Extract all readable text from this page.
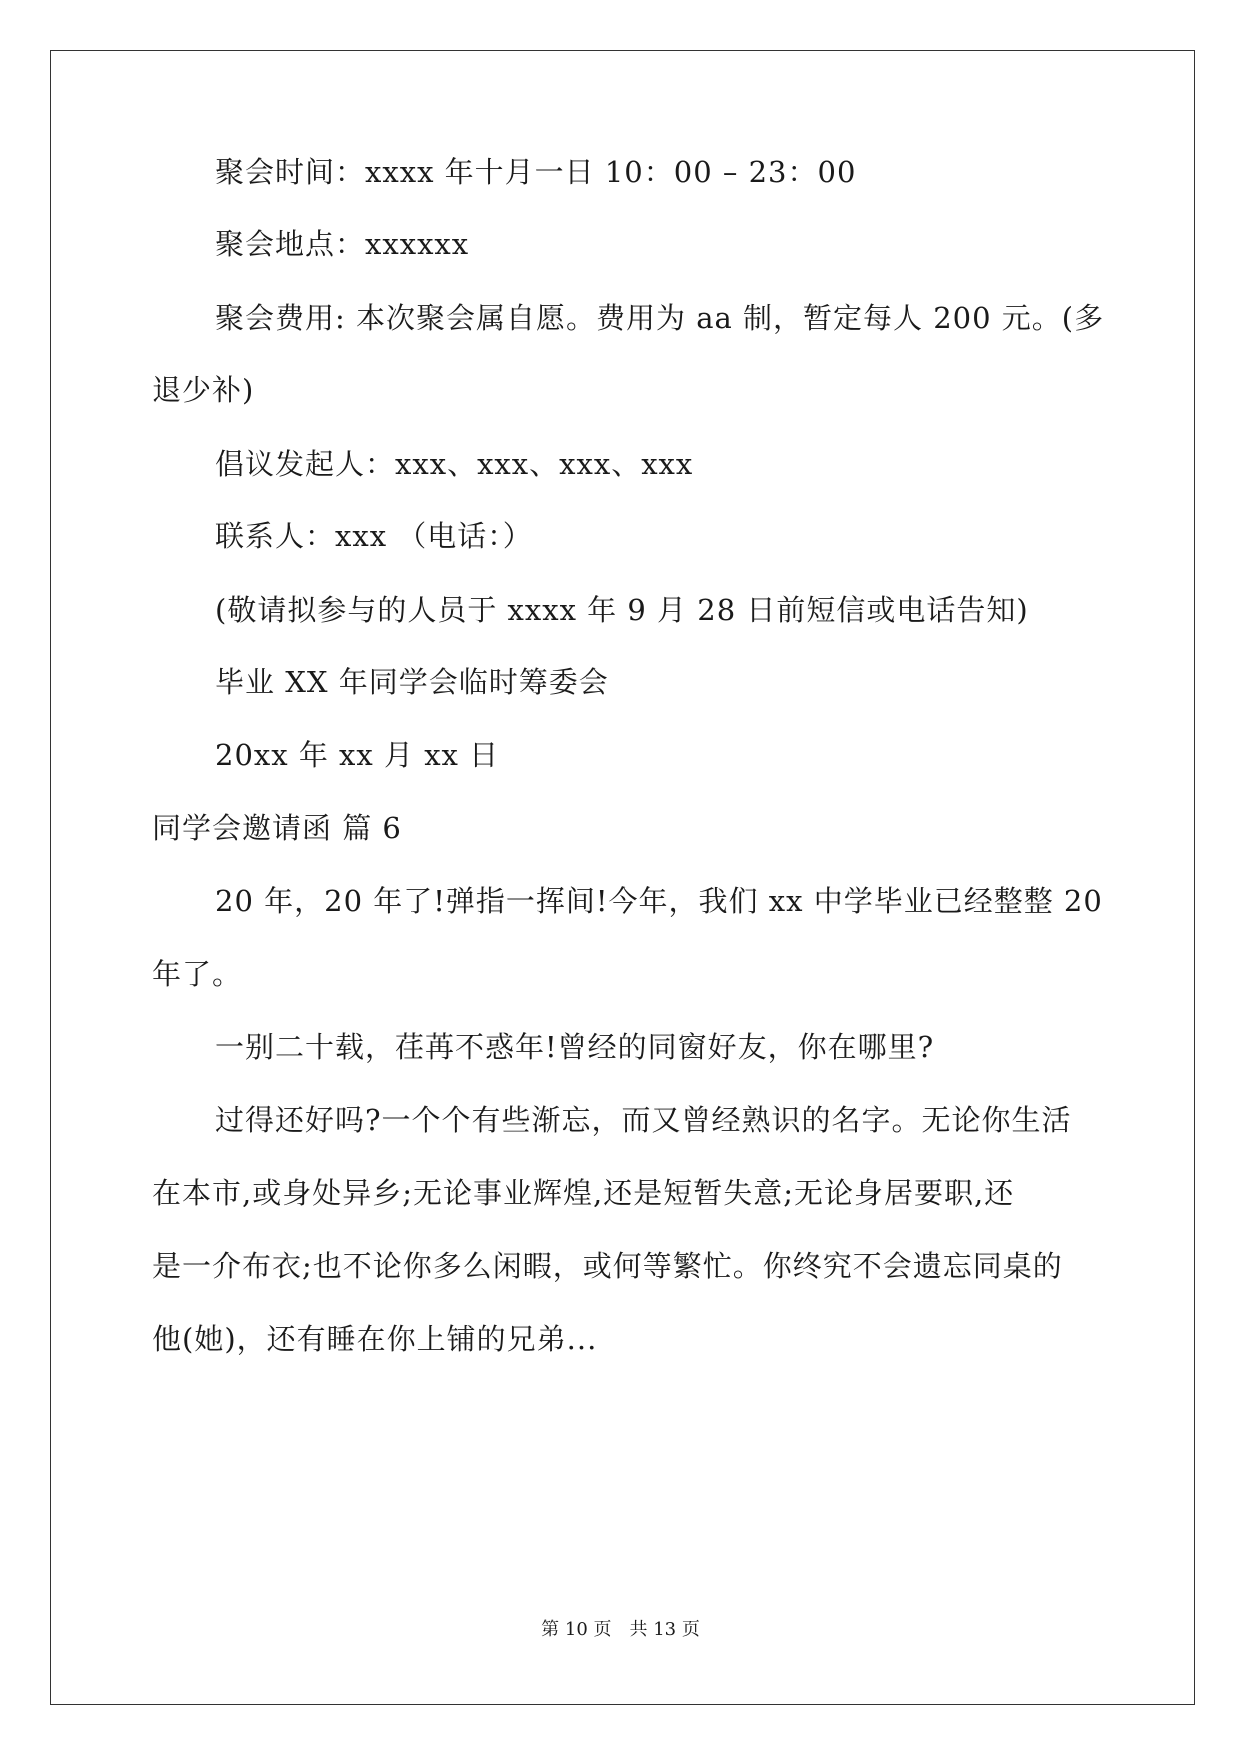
聚会时间：xxxx 年十月一日 10：00 – 23：00
聚会地点：xxxxxx
聚会费用: 本次聚会属自愿。费用为 aa 制，暂定每人 200 元。(多
退少补)
倡议发起人：xxx、xxx、xxx、xxx
联系人：xxx （电话：）
(敬请拟参与的人员于 xxxx 年 9 月 28 日前短信或电话告知)
毕业 XX 年同学会临时筹委会
20xx 年 xx 月 xx 日
同学会邀请函 篇 6
20 年，20 年了!弹指一挥间!今年，我们 xx 中学毕业已经整整 20
年了。
一别二十载，荏苒不惑年!曾经的同窗好友，你在哪里?
过得还好吗?一个个有些渐忘，而又曾经熟识的名字。无论你生活
在本市,或身处异乡;无论事业辉煌,还是短暂失意;无论身居要职,还
是一介布衣;也不论你多么闲暇，或何等繁忙。你终究不会遗忘同桌的
他(她)，还有睡在你上铺的兄弟...
第 10 页　共 13 页
